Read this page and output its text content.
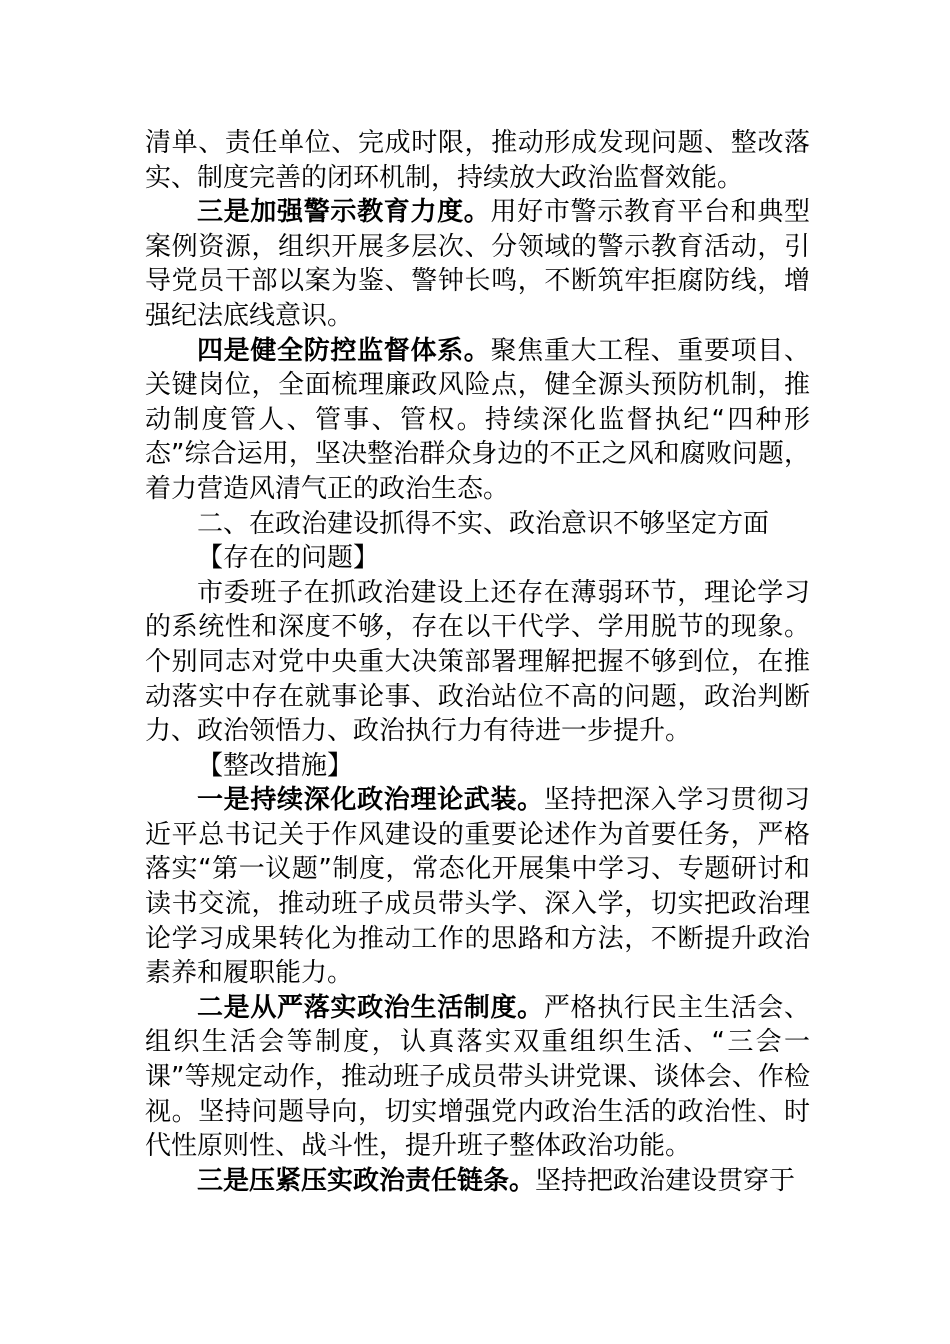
清单、责任单位、完成时限，推动形成发现问题、整改落实、制度完善的闭环机制，持续放大政治监督效能。

三是加强警示教育力度。用好市警示教育平台和典型案例资源，组织开展多层次、分领域的警示教育活动，引导党员干部以案为鉴、警钟长鸣，不断筑牢拒腐防线，增强纪法底线意识。

四是健全防控监督体系。聚焦重大工程、重要项目、关键岗位，全面梳理廉政风险点，健全源头预防机制，推动制度管人、管事、管权。持续深化监督执纪“四种形态”综合运用，坚决整治群众身边的不正之风和腐败问题，着力营造风清气正的政治生态。

二、在政治建设抓得不实、政治意识不够坚定方面

【存在的问题】

市委班子在抓政治建设上还存在薄弱环节，理论学习的系统性和深度不够，存在以干代学、学用脱节的现象。个别同志对党中央重大决策部署理解把握不够到位，在推动落实中存在就事论事、政治站位不高的问题，政治判断力、政治领悟力、政治执行力有待进一步提升。

【整改措施】

一是持续深化政治理论武装。坚持把深入学习贯彻习近平总书记关于作风建设的重要论述作为首要任务，严格落实“第一议题”制度，常态化开展集中学习、专题研讨和读书交流，推动班子成员带头学、深入学，切实把政治理论学习成果转化为推动工作的思路和方法，不断提升政治素养和履职能力。

二是从严落实政治生活制度。严格执行民主生活会、组织生活会等制度，认真落实双重组织生活、“三会一课”等规定动作，推动班子成员带头讲党课、谈体会、作检视。坚持问题导向，切实增强党内政治生活的政治性、时代性原则性、战斗性，提升班子整体政治功能。

三是压紧压实政治责任链条。坚持把政治建设贯穿于
